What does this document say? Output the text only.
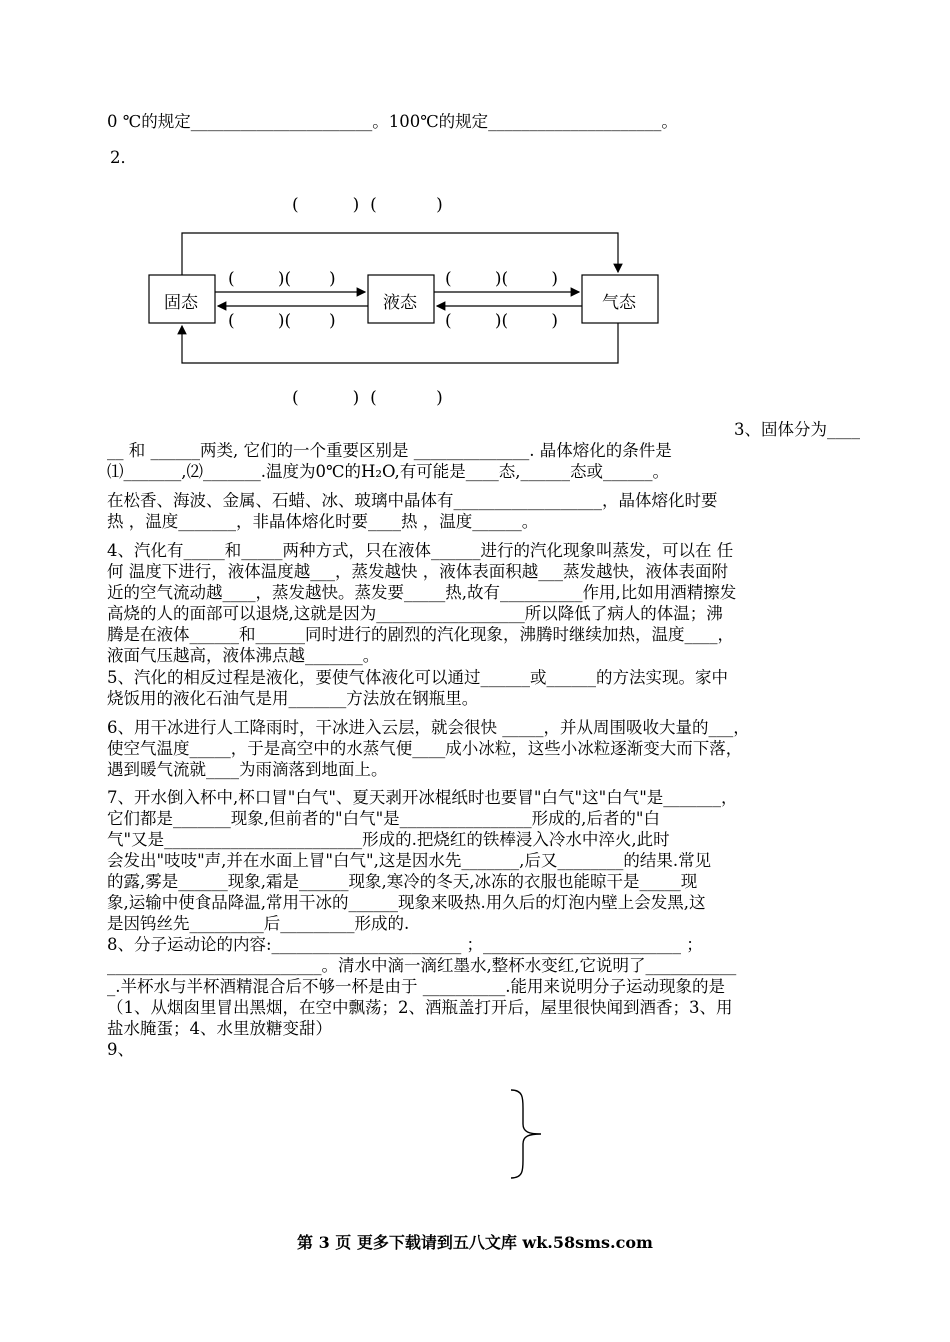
0 ℃的规定______________________。100℃的规定_____________________。
2．
固态	液态	气态
(          )  (           )
(          )  (           )
(        )(       )
(        )(       )
(        )(        )
(        )(        )
3、固体分为____
__ 和 ______两类, 它们的一个重要区别是 ______________. 晶体熔化的条件是
⑴_______,⑵_______.温度为0℃的H₂O,有可能是____态,______态或______。
在松香、海波、金属、石蜡、冰、玻璃中晶体有__________________，晶体熔化时要
热 ，温度_______，非晶体熔化时要____热 ，温度______。
4、汽化有_____和_____两种方式，只在液体______进行的汽化现象叫蒸发，可以在 任
何 温度下进行，液体温度越___，蒸发越快 ，液体表面积越___蒸发越快，液体表面附
近的空气流动越____，蒸发越快。蒸发要_____热,故有__________作用,比如用酒精擦发
高烧的人的面部可以退烧,这就是因为__________________所以降低了病人的体温；沸
腾是在液体______和______同时进行的剧烈的汽化现象，沸腾时继续加热，温度____，
液面气压越高，液体沸点越_______。
5、汽化的相反过程是液化，要使气体液化可以通过______或______的方法实现。家中
烧饭用的液化石油气是用_______方法放在钢瓶里。
6、用干冰进行人工降雨时，干冰进入云层，就会很快 _____，并从周围吸收大量的___，
使空气温度_____，于是高空中的水蒸气便____成小冰粒，这些小冰粒逐渐变大而下落，
遇到暖气流就____为雨滴落到地面上。
7、开水倒入杯中,杯口冒"白气"、夏天剥开冰棍纸时也要冒"白气"这"白气"是_______，
它们都是_______现象,但前者的"白气"是________________形成的,后者的"白
气"又是________________________形成的.把烧红的铁棒浸入冷水中淬火,此时
会发出"吱吱"声,并在水面上冒"白气",这是因水先_______,后又________的结果.常见
的露,雾是______现象,霜是______现象,寒冷的冬天,冰冻的衣服也能晾干是_____现
象,运输中使食品降温,常用干冰的______现象来吸热.用久后的灯泡内壁上会发黑,这
是因钨丝先_________后_________形成的.
8、分子运动论的内容:_______________________ ；________________________ ；
__________________________。清水中滴一滴红墨水,整杯水变红,它说明了___________
_.半杯水与半杯酒精混合后不够一杯是由于 __________.能用来说明分子运动现象的是
（1、从烟囱里冒出黑烟，在空中飘荡；2、酒瓶盖打开后，屋里很快闻到酒香；3、用
盐水腌蛋；4、水里放糖变甜）
9、
第 3 页 更多下载请到五八文库 wk.58sms.com
